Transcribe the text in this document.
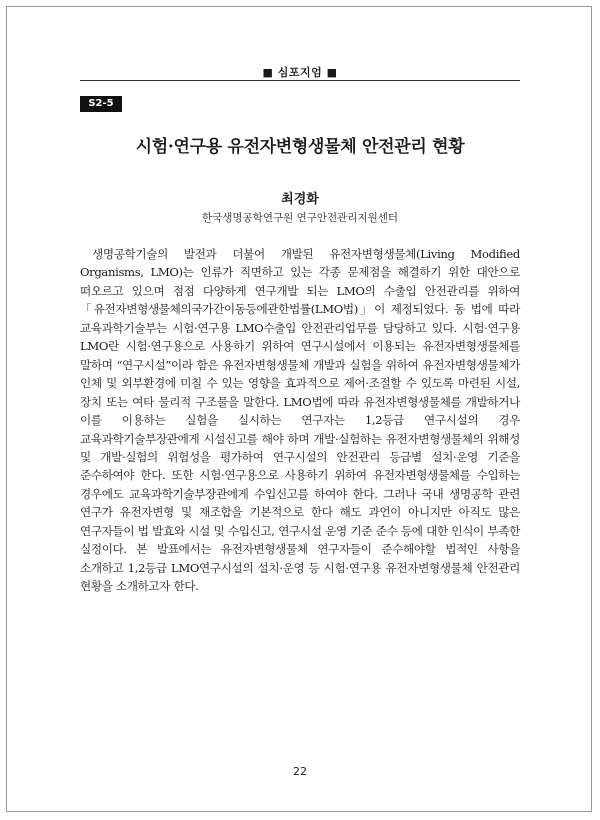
■ 심포지엄 ■
S2-5
시험·연구용 유전자변형생물체 안전관리 현황
최경화
한국생명공학연구원 연구안전관리지원센터

생명공학기술의 발전과 더불어 개발된 유전자변형생물체(Living Modified Organisms, LMO)는 인류가 직면하고 있는 각종 문제점을 해결하기 위한 대안으로 떠오르고 있으며 점점 다양하게 연구개발 되는 LMO의 수출입 안전관리를 위하여 「유전자변형생물체의국가간이동등에관한법률(LMO법)」이 제정되었다. 동 법에 따라 교육과학기술부는 시험·연구용 LMO수출입 안전관리업무를 담당하고 있다. 시험·연구용 LMO란 시험·연구용으로 사용하기 위하여 연구시설에서 이용되는 유전자변형생물체를 말하며 “연구시설”이라 함은 유전자변형생물체 개발과 실험을 위하여 유전자변형생물체가 인체 및 외부환경에 미칠 수 있는 영향을 효과적으로 제어·조절할 수 있도록 마련된 시설, 장치 또는 여타 물리적 구조물을 말한다. LMO법에 따라 유전자변형생물체를 개발하거나 이를 이용하는 실험을 실시하는 연구자는 1,2등급 연구시설의 경우 교육과학기술부장관에게 시설신고를 해야 하며 개발·실험하는 유전자변형생물체의 위해성 및 개발·실험의 위험성을 평가하여 연구시설의 안전관리 등급별 설치·운영 기준을 준수하여야 한다. 또한 시험·연구용으로 사용하기 위하여 유전자변형생물체를 수입하는 경우에도 교육과학기술부장관에게 수입신고를 하여야 한다. 그러나 국내 생명공학 관련 연구가 유전자변형 및 재조합을 기본적으로 한다 해도 과언이 아니지만 아직도 많은 연구자들이 법 발효와 시설 및 수입신고, 연구시설 운영 기준 준수 등에 대한 인식이 부족한 실정이다. 본 발표에서는 유전자변형생물체 연구자들이 준수해야할 법적인 사항을 소개하고 1,2등급 LMO연구시설의 설치·운영 등 시험·연구용 유전자변형생물체 안전관리 현황을 소개하고자 한다.

22
